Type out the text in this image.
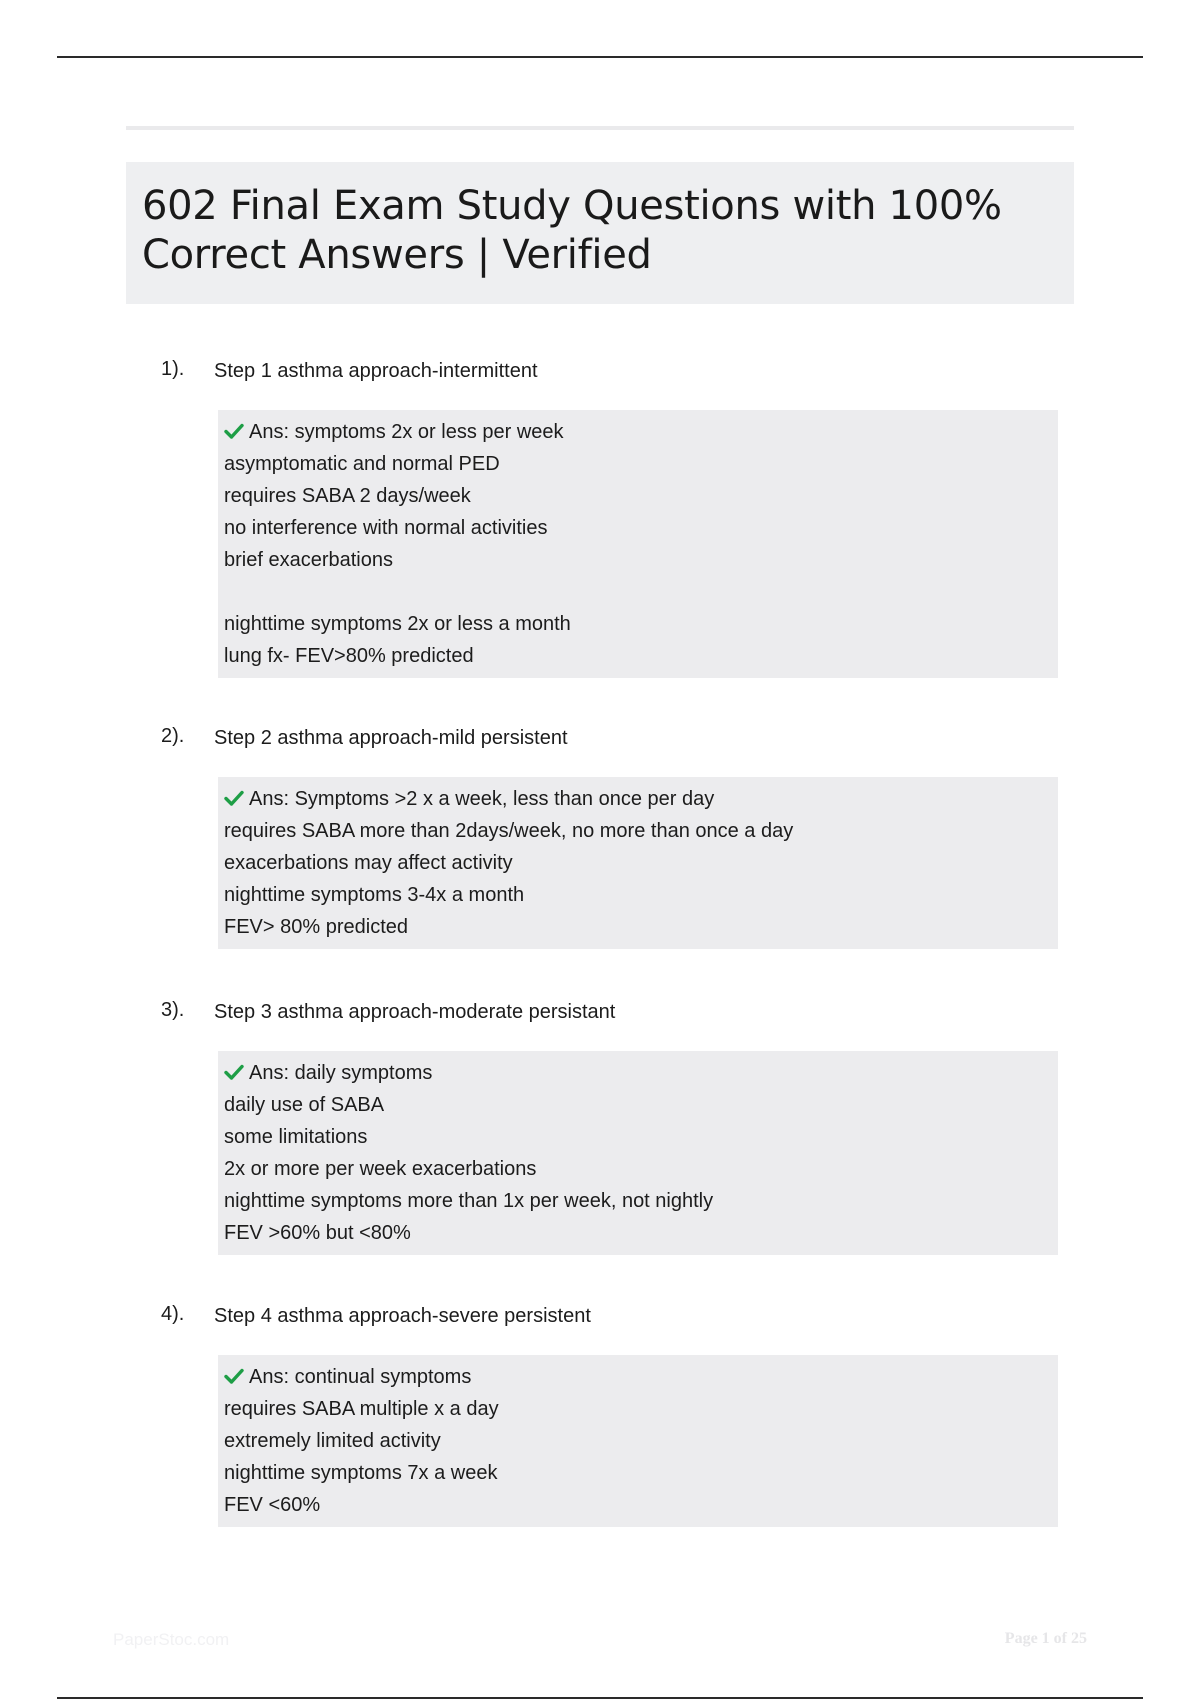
602 Final Exam Study Questions with 100% Correct Answers | Verified
1). Step 1 asthma approach-intermittent
Ans: symptoms 2x or less per week
asymptomatic and normal PED
requires SABA 2 days/week
no interference with normal activities
brief exacerbations
nighttime symptoms 2x or less a month
lung fx- FEV>80% predicted
2). Step 2 asthma approach-mild persistent
Ans: Symptoms >2 x a week, less than once per day
requires SABA more than 2days/week, no more than once a day
exacerbations may affect activity
nighttime symptoms 3-4x a month
FEV> 80% predicted
3). Step 3 asthma approach-moderate persistant
Ans: daily symptoms
daily use of SABA
some limitations
2x or more per week exacerbations
nighttime symptoms more than 1x per week, not nightly
FEV >60% but <80%
4). Step 4 asthma approach-severe persistent
Ans: continual symptoms
requires SABA multiple x a day
extremely limited activity
nighttime symptoms 7x a week
FEV <60%
PaperStoc.com	Page 1 of 25
